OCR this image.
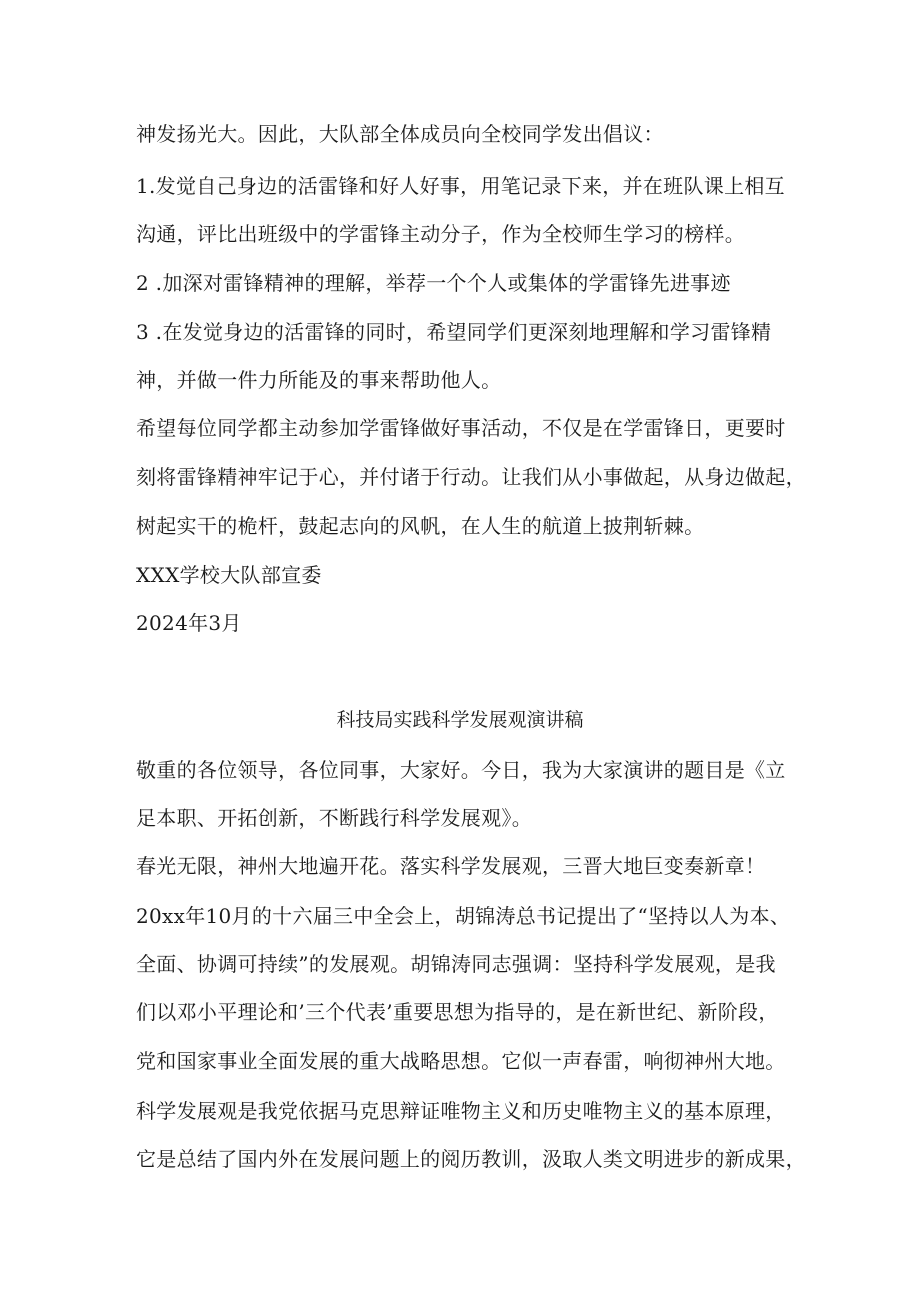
神发扬光大。因此，大队部全体成员向全校同学发出倡议：
1.发觉自己身边的活雷锋和好人好事，用笔记录下来，并在班队课上相互
沟通，评比出班级中的学雷锋主动分子，作为全校师生学习的榜样。
2 .加深对雷锋精神的理解，举荐一个个人或集体的学雷锋先进事迹
3 .在发觉身边的活雷锋的同时，希望同学们更深刻地理解和学习雷锋精
神，并做一件力所能及的事来帮助他人。
希望每位同学都主动参加学雷锋做好事活动，不仅是在学雷锋日，更要时
刻将雷锋精神牢记于心，并付诸于行动。让我们从小事做起，从身边做起，
树起实干的桅杆，鼓起志向的风帆，在人生的航道上披荆斩棘。
XXX学校大队部宣委
2024年3月
科技局实践科学发展观演讲稿
敬重的各位领导，各位同事，大家好。今日，我为大家演讲的题目是《立
足本职、开拓创新，不断践行科学发展观》。
春光无限，神州大地遍开花。落实科学发展观，三晋大地巨变奏新章！
20xx年10月的十六届三中全会上，胡锦涛总书记提出了“坚持以人为本、
全面、协调可持续”的发展观。胡锦涛同志强调：坚持科学发展观，是我
们以邓小平理论和’三个代表’重要思想为指导的，是在新世纪、新阶段，
党和国家事业全面发展的重大战略思想。它似一声春雷，响彻神州大地。
科学发展观是我党依据马克思辩证唯物主义和历史唯物主义的基本原理，
它是总结了国内外在发展问题上的阅历教训，汲取人类文明进步的新成果，
